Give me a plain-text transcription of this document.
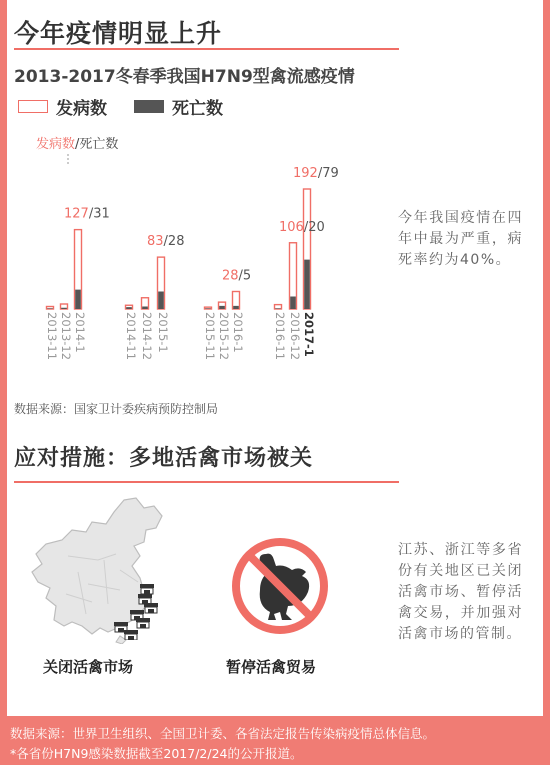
今年疫情明显上升
2013-2017冬春季我国H7N9型禽流感疫情
发病数	死亡数
2013-11 2013-12 2014-1	2014-11 2014-12 2015-1	2015-11 2015-12 2016-1 2016-11 2016-12 2017-1
127/31
83/28
28/5
106/20
192/79
发病数/死亡数
今年我国疫情在四年中最为严重，病死率约为40%。
数据来源：国家卫计委疾病预防控制局
应对措施：多地活禽市场被关
关闭活禽市场	暂停活禽贸易
江苏、浙江等多省份有关地区已关闭活禽市场、暂停活禽交易，并加强对活禽市场的管制。
数据来源：世界卫生组织、全国卫计委、各省法定报告传染病疫情总体信息。
*各省份H7N9感染数据截至2017/2/24的公开报道。
